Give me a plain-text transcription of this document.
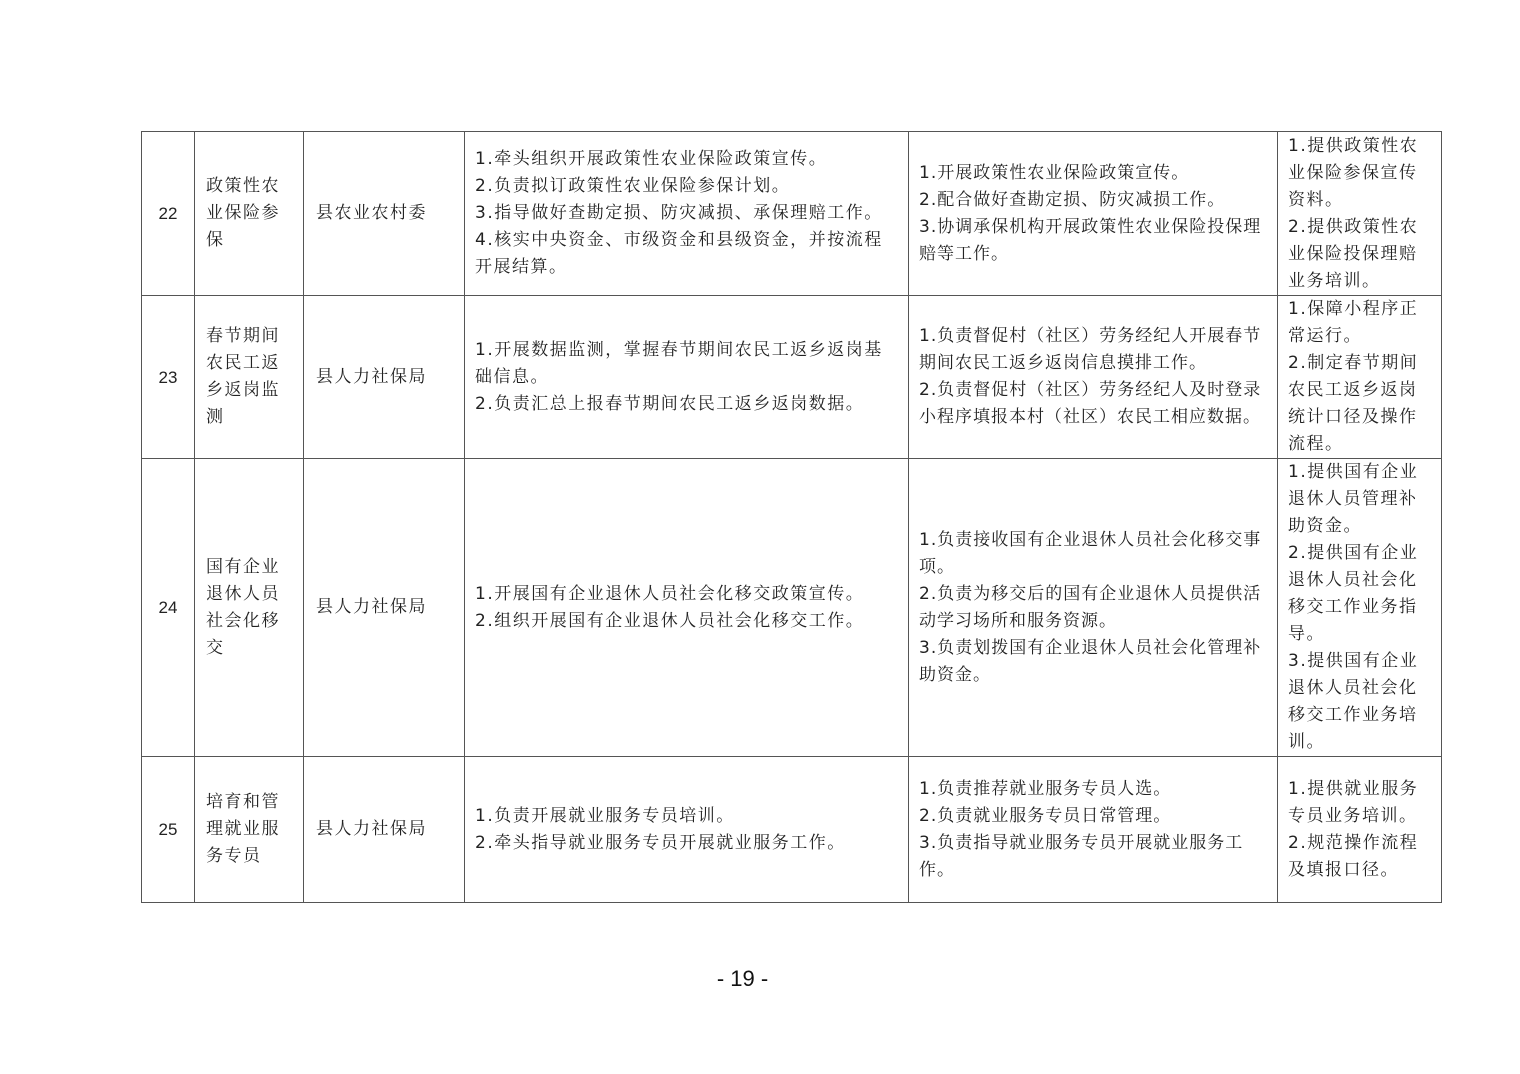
22	政策性农业保险参保	县农业农村委	1.牵头组织开展政策性农业保险政策宣传。
2.负责拟订政策性农业保险参保计划。
3.指导做好查勘定损、防灾减损、承保理赔工作。
4.核实中央资金、市级资金和县级资金，并按流程开展结算。	1.开展政策性农业保险政策宣传。
2.配合做好查勘定损、防灾减损工作。
3.协调承保机构开展政策性农业保险投保理赔等工作。	1.提供政策性农业保险参保宣传资料。
2.提供政策性农业保险投保理赔业务培训。

23	春节期间农民工返乡返岗监测	县人力社保局	1.开展数据监测，掌握春节期间农民工返乡返岗基础信息。
2.负责汇总上报春节期间农民工返乡返岗数据。	1.负责督促村（社区）劳务经纪人开展春节期间农民工返乡返岗信息摸排工作。
2.负责督促村（社区）劳务经纪人及时登录小程序填报本村（社区）农民工相应数据。	1.保障小程序正常运行。
2.制定春节期间农民工返乡返岗统计口径及操作流程。

24	国有企业退休人员社会化移交	县人力社保局	1.开展国有企业退休人员社会化移交政策宣传。
2.组织开展国有企业退休人员社会化移交工作。	1.负责接收国有企业退休人员社会化移交事项。
2.负责为移交后的国有企业退休人员提供活动学习场所和服务资源。
3.负责划拨国有企业退休人员社会化管理补助资金。	1.提供国有企业退休人员管理补助资金。
2.提供国有企业退休人员社会化移交工作业务指导。
3.提供国有企业退休人员社会化移交工作业务培训。

25	培育和管理就业服务专员	县人力社保局	1.负责开展就业服务专员培训。
2.牵头指导就业服务专员开展就业服务工作。	1.负责推荐就业服务专员人选。
2.负责就业服务专员日常管理。
3.负责指导就业服务专员开展就业服务工作。	1.提供就业服务专员业务培训。
2.规范操作流程及填报口径。
- 19 -
